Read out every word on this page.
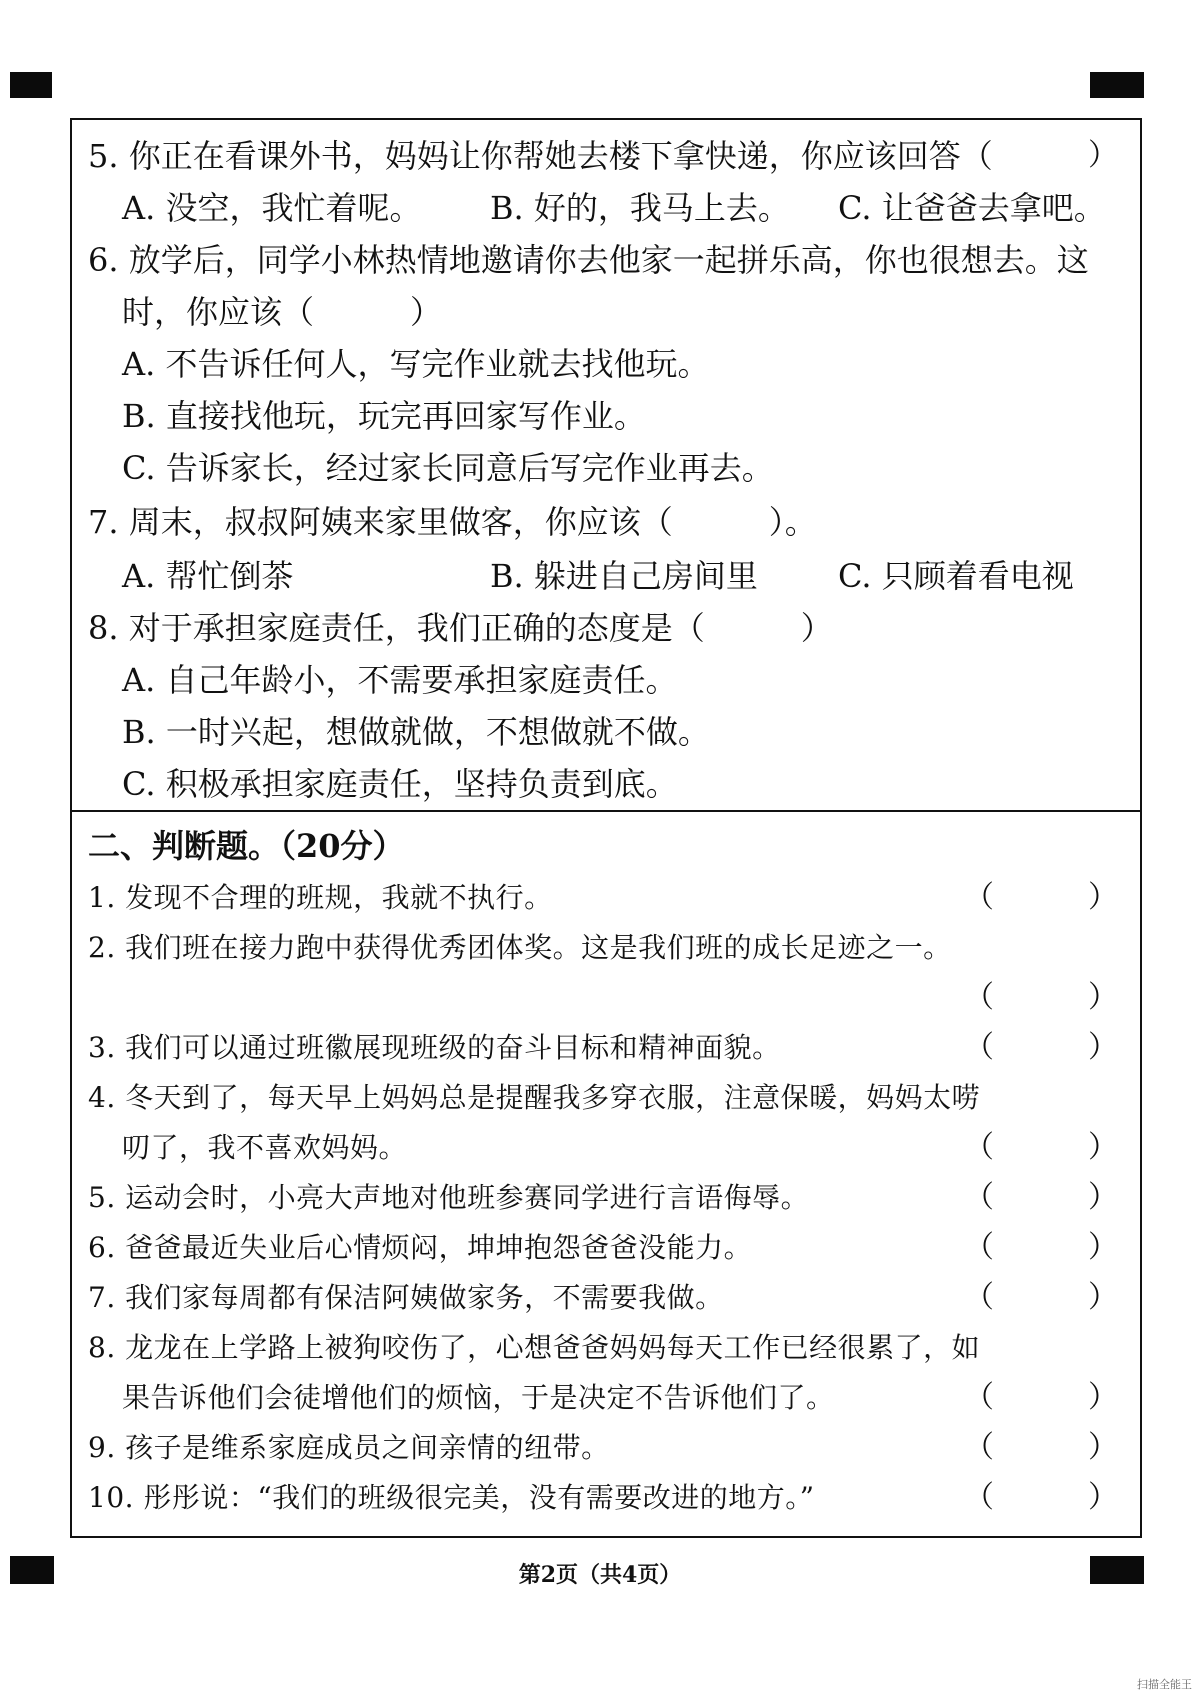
5. 你正在看课外书，妈妈让你帮她去楼下拿快递，你应该回答（	）
A. 没空，我忙着呢。 B. 好的，我马上去。 C. 让爸爸去拿吧。
6. 放学后，同学小林热情地邀请你去他家一起拼乐高，你也很想去。这
时，你应该（　　　）
A. 不告诉任何人，写完作业就去找他玩。
B. 直接找他玩，玩完再回家写作业。
C. 告诉家长，经过家长同意后写完作业再去。
7. 周末，叔叔阿姨来家里做客，你应该（　　　）。
A. 帮忙倒茶	B. 躲进自己房间里	C. 只顾着看电视
8. 对于承担家庭责任，我们正确的态度是（　　　）
A. 自己年龄小，不需要承担家庭责任。
B. 一时兴起，想做就做，不想做就不做。
C. 积极承担家庭责任，坚持负责到底。
二、判断题。（20分）
1. 发现不合理的班规，我就不执行。	（	）
2. 我们班在接力跑中获得优秀团体奖。这是我们班的成长足迹之一。
（	）
3. 我们可以通过班徽展现班级的奋斗目标和精神面貌。	（	）
4. 冬天到了，每天早上妈妈总是提醒我多穿衣服，注意保暖，妈妈太唠
叨了，我不喜欢妈妈。	（	）
5. 运动会时，小亮大声地对他班参赛同学进行言语侮辱。	（	）
6. 爸爸最近失业后心情烦闷，坤坤抱怨爸爸没能力。	（	）
7. 我们家每周都有保洁阿姨做家务，不需要我做。	（	）
8. 龙龙在上学路上被狗咬伤了，心想爸爸妈妈每天工作已经很累了，如
果告诉他们会徒增他们的烦恼，于是决定不告诉他们了。	（	）
9. 孩子是维系家庭成员之间亲情的纽带。	（	）
10. 彤彤说：“我们的班级很完美，没有需要改进的地方。”	（	）
第2页（共4页）
扫描全能王
